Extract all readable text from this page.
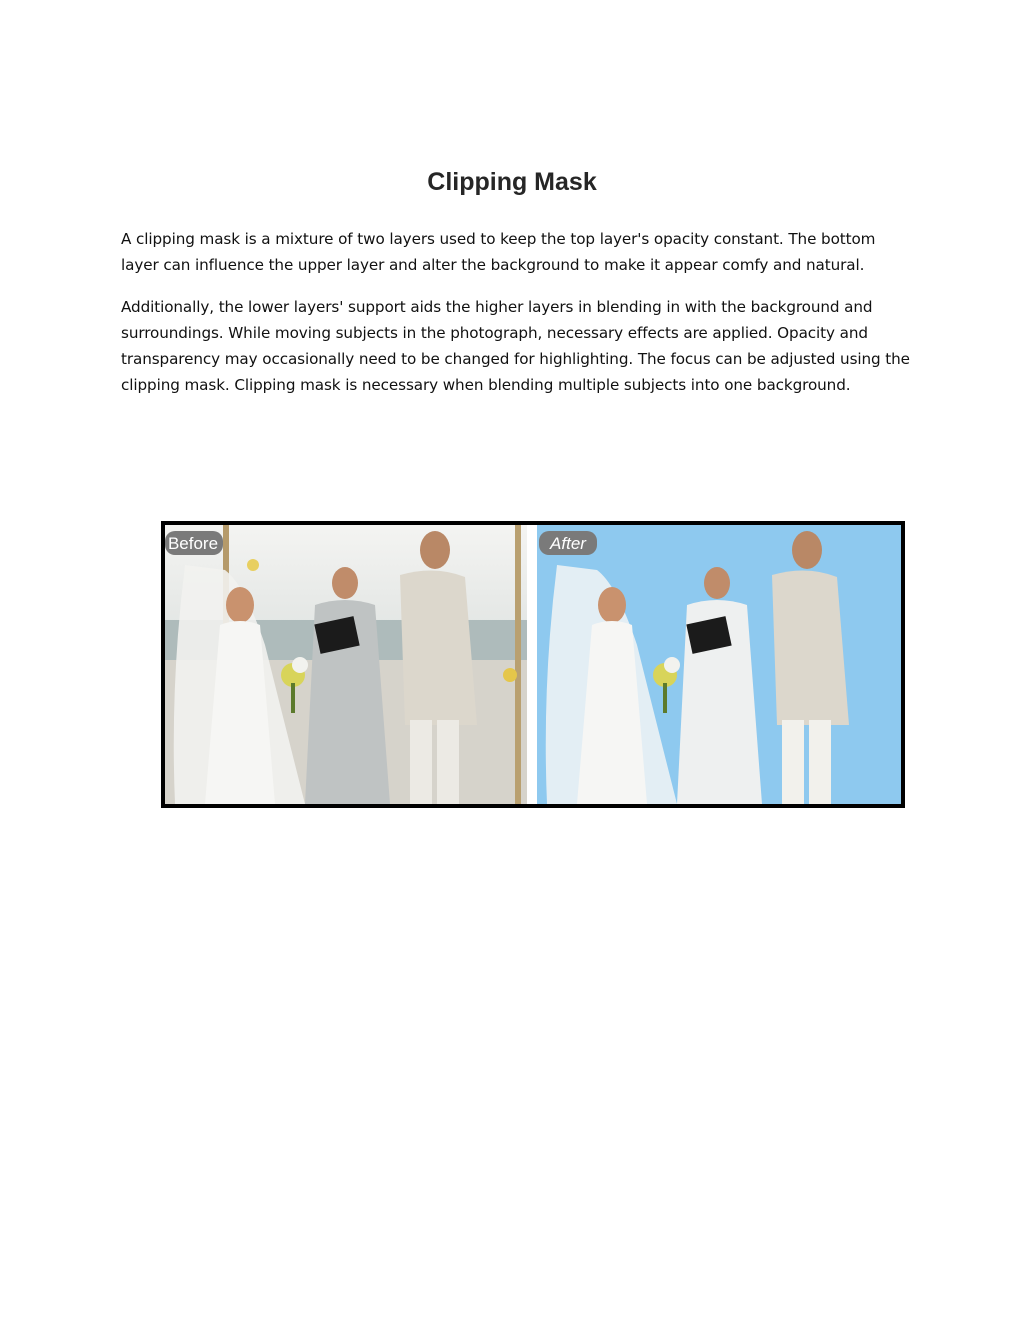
Clipping Mask

A clipping mask is a mixture of two layers used to keep the top layer's opacity constant. The bottom layer can influence the upper layer and alter the background to make it appear comfy and natural.

Additionally, the lower layers' support aids the higher layers in blending in with the background and surroundings. While moving subjects in the photograph, necessary effects are applied. Opacity and transparency may occasionally need to be changed for highlighting. The focus can be adjusted using the clipping mask. Clipping mask is necessary when blending multiple subjects into one background.

Before	After
